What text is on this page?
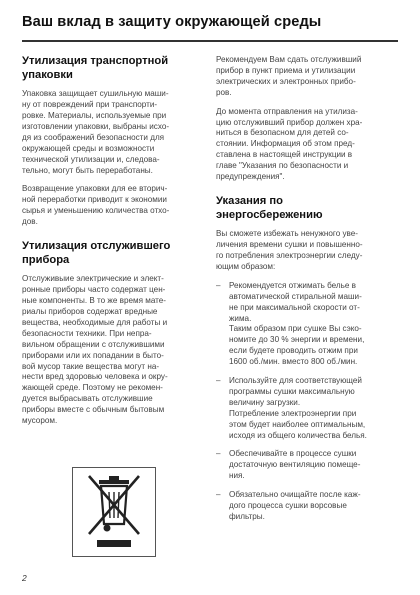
Ваш вклад в защиту окружающей среды
Утилизация транспортной
упаковки

Упаковка защищает сушильную маши-
ну от повреждений при транспорти-
ровке. Материалы, используемые при
изготовлении упаковки, выбраны исхо-
дя из соображений безопасности для
окружающей среды и возможности
технической утилизации и, следова-
тельно, могут быть переработаны.

Возвращение упаковки для ее вторич-
ной переработки приводит к экономии
сырья и уменьшению количества отхо-
дов.

Утилизация отслужившего
прибора

Отслуживыие электрические и элект-
ронные приборы часто содержат цен-
ные компоненты. В то же время мате-
риалы приборов содержат вредные
вещества, необходимые для работы и
безопасности техники. При непра-
вильном обращении с отслужившими
приборами или их попадании в быто-
вой мусор такие вещества могут на-
нести вред здоровью человека и окру-
жающей среде. Поэтому не рекомен-
дуется выбрасывать отслужившие
приборы вместе с обычным бытовым
мусором.

Рекомендуем Вам сдать отслуживший
прибор в пункт приема и утилизации
электрических и электронных прибо-
ров.

До момента отправления на утилиза-
цию отслуживший прибор должен хра-
ниться в безопасном для детей со-
стоянии. Информация об этом пред-
ставлена в настоящей инструкции в
главе "Указания по безопасности и
предупреждения".

Указания по
энергосбережению

Вы сможете избежать ненужного уве-
личения времени сушки и повышенно-
го потребления электроэнергии следу-
ющим образом:

– Рекомендуется отжимать белье в
автоматической стиральной маши-
не при максимальной скорости от-
жима.
Таким образом при сушке Вы сэко-
номите до 30 % энергии и времени,
если будете проводить отжим при
1600 об./мин. вместо 800 об./мин.
– Используйте для соответствующей
программы сушки максимальную
величину загрузки.
Потребление электроэнергии при
этом будет наиболее оптимальным,
исходя из общего количества белья.
– Обеспечивайте в процессе сушки
достаточную вентиляцию помеще-
ния.
– Обязательно очищайте после каж-
дого процесса сушки ворсовые
фильтры.
2
